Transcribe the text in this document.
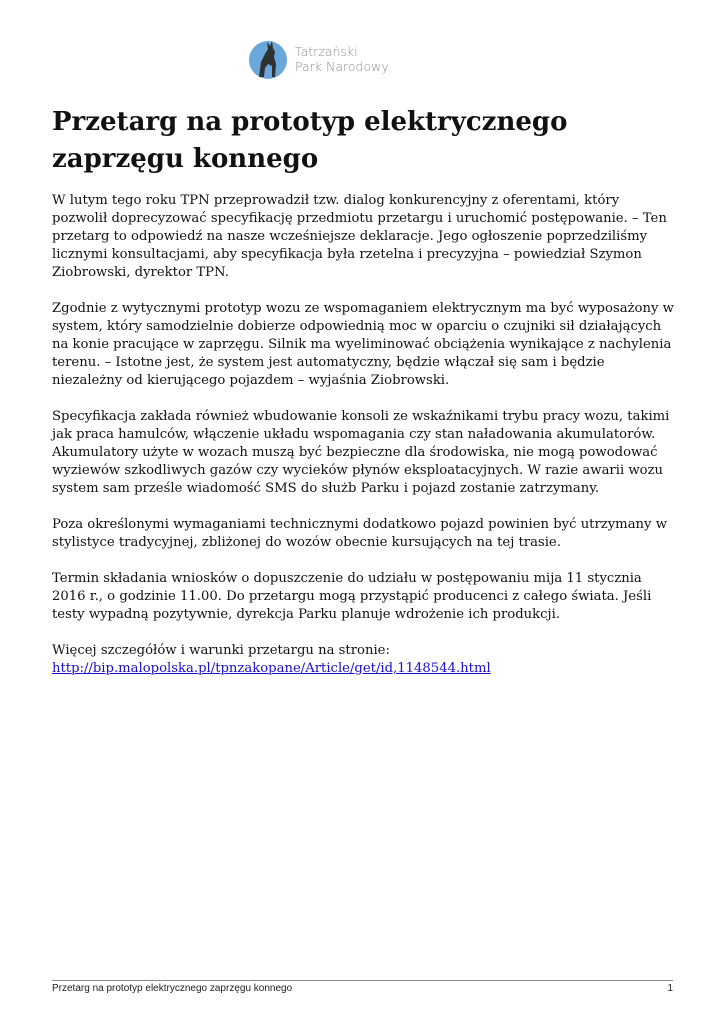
Tatrzański
Park Narodowy
Przetarg na prototyp elektrycznego zaprzęgu konnego

W lutym tego roku TPN przeprowadził tzw. dialog konkurencyjny z oferentami, który pozwolił doprecyzować specyfikację przedmiotu przetargu i uruchomić postępowanie. – Ten przetarg to odpowiedź na nasze wcześniejsze deklaracje. Jego ogłoszenie poprzedziliśmy licznymi konsultacjami, aby specyfikacja była rzetelna i precyzyjna – powiedział Szymon Ziobrowski, dyrektor TPN.

Zgodnie z wytycznymi prototyp wozu ze wspomaganiem elektrycznym ma być wyposażony w system, który samodzielnie dobierze odpowiednią moc w oparciu o czujniki sił działających na konie pracujące w zaprzęgu. Silnik ma wyeliminować obciążenia wynikające z nachylenia terenu. – Istotne jest, że system jest automatyczny, będzie włączał się sam i będzie niezależny od kierującego pojazdem – wyjaśnia Ziobrowski.

Specyfikacja zakłada również wbudowanie konsoli ze wskaźnikami trybu pracy wozu, takimi jak praca hamulców, włączenie układu wspomagania czy stan naładowania akumulatorów. Akumulatory użyte w wozach muszą być bezpieczne dla środowiska, nie mogą powodować wyziewów szkodliwych gazów czy wycieków płynów eksploatacyjnych. W razie awarii wozu system sam prześle wiadomość SMS do służb Parku i pojazd zostanie zatrzymany.

Poza określonymi wymaganiami technicznymi dodatkowo pojazd powinien być utrzymany w stylistyce tradycyjnej, zbliżonej do wozów obecnie kursujących na tej trasie.

Termin składania wniosków o dopuszczenie do udziału w postępowaniu mija 11 stycznia 2016 r., o godzinie 11.00. Do przetargu mogą przystąpić producenci z całego świata. Jeśli testy wypadną pozytywnie, dyrekcja Parku planuje wdrożenie ich produkcji.

Więcej szczegółów i warunki przetargu na stronie:
http://bip.malopolska.pl/tpnzakopane/Article/get/id,1148544.html

Przetarg na prototyp elektrycznego zaprzęgu konnego	1
